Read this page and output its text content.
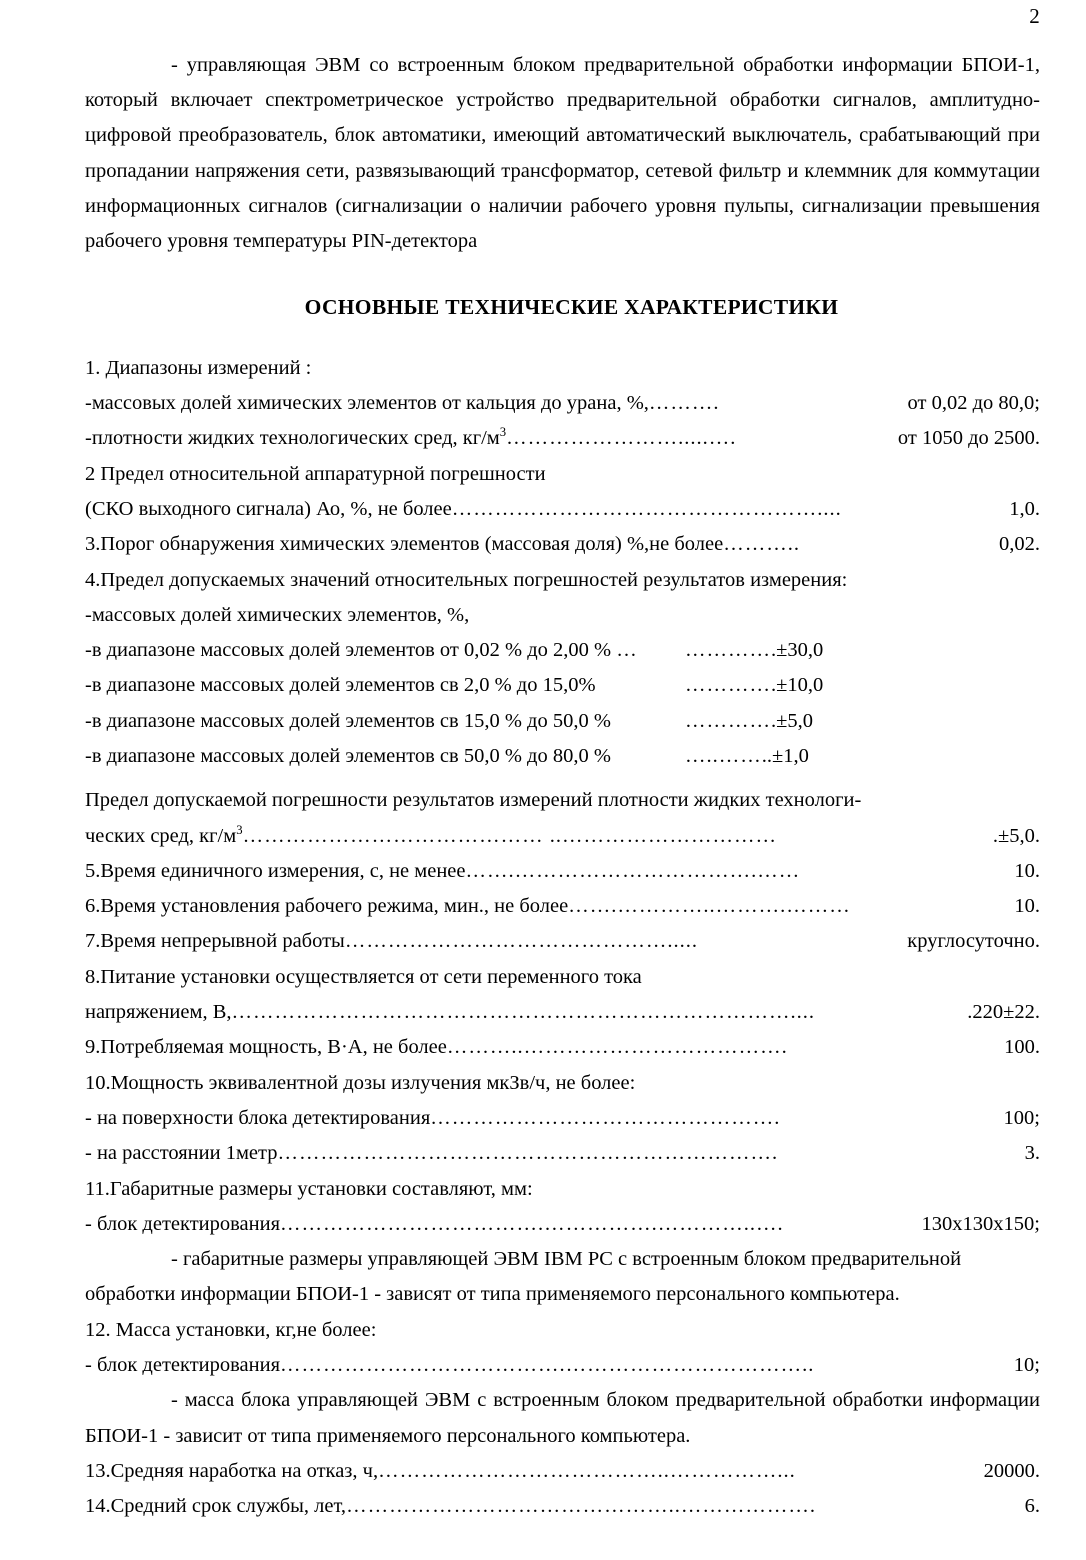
2

- управляющая ЭВМ со встроенным блоком предварительной обработки информации БПОИ-1, который включает спектрометрическое устройство предварительной обработки сигналов, амплитудно-цифровой преобразователь, блок автоматики, имеющий автоматический выключатель, срабатывающий при пропадании напряжения сети, развязывающий трансформатор, сетевой фильтр и клеммник для коммутации информационных сигналов (сигнализации о наличии рабочего уровня пульпы, сигнализации превышения рабочего уровня температуры PIN-детектора

ОСНОВНЫЕ ТЕХНИЧЕСКИЕ ХАРАКТЕРИСТИКИ
1. Диапазоны измерений :
-массовых долей химических элементов от кальция до урана, %, ……….	от 0,02 до 80,0;
-плотности жидких технологических сред, $кг/м^3$ …………………….....….	от 1050 до 2500.
2 Предел относительной аппаратурной погрешности
(СКО выходного сигнала) Ао, %, не более ……………………………………………....	1,0.
3.Порог обнаружения химических элементов (массовая доля) %,не более ………..	0,02.
4.Предел допускаемых значений относительных погрешностей результатов измерения:
-массовых долей химических элементов, %,
-в диапазоне массовых долей элементов от 0,02 % до 2,00 % …	………… .±30,0
-в диапазоне массовых долей элементов св 2,0 % до 15,0%	………… .±10,0
-в диапазоне массовых долей элементов св 15,0 % до 50,0 %	………… .±5,0
-в диапазоне массовых долей элементов св 50,0 % до 80,0 %	…..…… ..±1,0
Предел допускаемой погрешности результатов измерений плотности жидких технологи-
ческих сред, $кг/м^3$ …………………………………… ..…………………………	.±5,0.
5.Время единичного измерения, с, не менее …….…………………………….……	10.
6.Время установления рабочего режима, мин., не более …….…………..……….………	10.
7.Время непрерывной работы ……………………………………….....	круглосуточно.
8.Питание установки осуществляется от сети переменного тока
напряжением, В, ……………………………………………………………………....	.220±22.
9.Потребляемая мощность, В·А, не более ………..……………………………….	100.
10.Мощность эквивалентной дозы излучения мкЗв/ч, не более:
- на поверхности блока детектирования ………………………………………….	100;
- на расстоянии 1метр …………………………………………………………….	3.
11.Габаритные размеры установки составляют, мм:
- блок детектирования ……………………………….…………….…………..….	130x130x150;

- габаритные размеры управляющей ЭВМ IBM PC с встроенным блоком предварительной обработки информации БПОИ-1 - зависят от типа применяемого персонального компьютера.

12. Масса установки, кг,не более:
- блок детектирования ………………………………….……………………………..	10;

- масса блока управляющей ЭВМ с встроенным блоком предварительной обработки информации БПОИ-1 - зависит от типа применяемого персонального компьютера.

13.Средняя наработка на отказ, ч, …………………………………..……………...	20000.
14.Средний срок службы, лет, ………………………………………..……………….	6.
